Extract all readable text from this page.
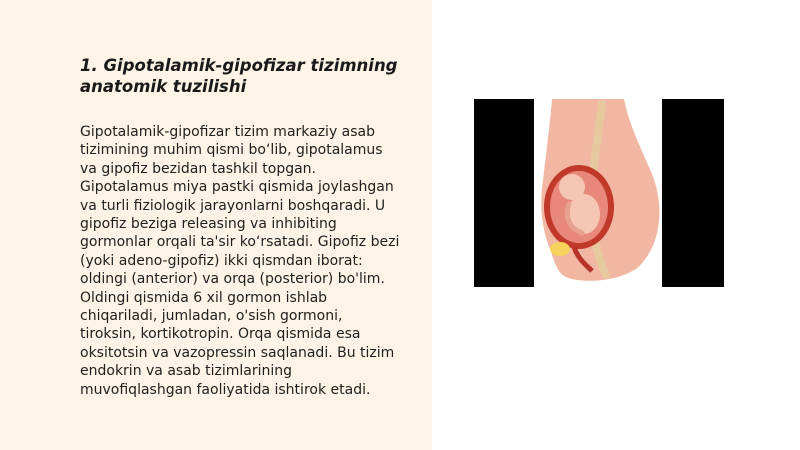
1. Gipotalamik-gipofizar tizimning anatomik tuzilishi

Gipotalamik-gipofizar tizim markaziy asab
tizimining muhim qismi bo‘lib, gipotalamus
va gipofiz bezidan tashkil topgan.
Gipotalamus miya pastki qismida joylashgan
va turli fiziologik jarayonlarni boshqaradi. U
gipofiz beziga releasing va inhibiting
gormonlar orqali ta'sir ko‘rsatadi. Gipofiz bezi
(yoki adeno-gipofiz) ikki qismdan iborat:
oldingi (anterior) va orqa (posterior) bo'lim.
Oldingi qismida 6 xil gormon ishlab
chiqariladi, jumladan, o'sish gormoni,
tiroksin, kortikotropin. Orqa qismida esa
oksitotsin va vazopressin saqlanadi. Bu tizim
endokrin va asab tizimlarining
muvofiqlashgan faoliyatida ishtirok etadi.
